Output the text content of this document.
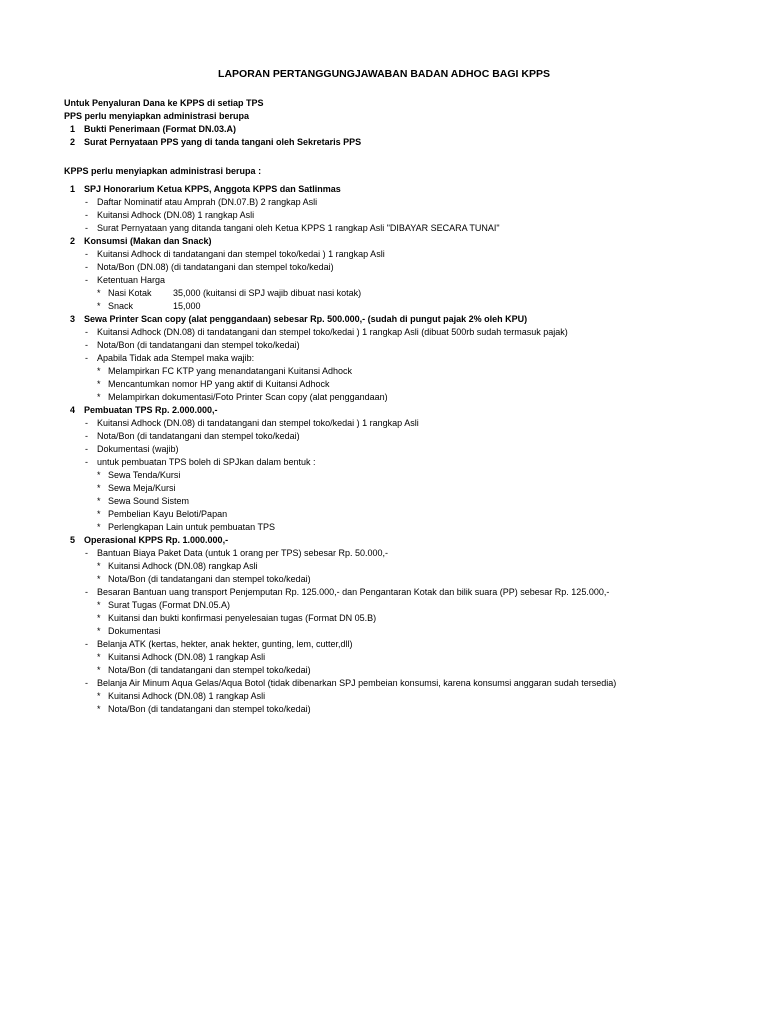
LAPORAN PERTANGGUNGJAWABAN BADAN ADHOC BAGI KPPS
Untuk Penyaluran Dana ke KPPS di setiap TPS
PPS perlu menyiapkan administrasi berupa
1 Bukti Penerimaan (Format DN.03.A)
2 Surat Pernyataan PPS yang di tanda tangani oleh Sekretaris PPS
KPPS perlu menyiapkan administrasi berupa :
1 SPJ Honorarium Ketua KPPS, Anggota KPPS dan Satlinmas
- Daftar Nominatif atau Amprah (DN.07.B) 2 rangkap Asli
- Kuitansi Adhock (DN.08) 1 rangkap Asli
- Surat Pernyataan yang ditanda tangani oleh Ketua KPPS 1 rangkap Asli "DIBAYAR SECARA TUNAI"
2 Konsumsi (Makan dan Snack)
- Kuitansi Adhock di tandatangani dan stempel toko/kedai ) 1 rangkap Asli
- Nota/Bon (DN.08) (di tandatangani dan stempel toko/kedai)
- Ketentuan Harga
* Nasi Kotak 35,000 (kuitansi di SPJ wajib dibuat nasi kotak)
* Snack	15,000
3 Sewa Printer Scan copy (alat penggandaan) sebesar Rp. 500.000,- (sudah di pungut pajak 2% oleh KPU)
- Kuitansi Adhock (DN.08) di tandatangani dan stempel toko/kedai ) 1 rangkap Asli (dibuat 500rb sudah termasuk pajak)
- Nota/Bon (di tandatangani dan stempel toko/kedai)
- Apabila Tidak ada Stempel maka wajib:
* Melampirkan FC KTP yang menandatangani Kuitansi Adhock
* Mencantumkan nomor HP yang aktif di Kuitansi Adhock
* Melampirkan dokumentasi/Foto Printer Scan copy (alat penggandaan)
4 Pembuatan TPS Rp. 2.000.000,-
- Kuitansi Adhock (DN.08) di tandatangani dan stempel toko/kedai ) 1 rangkap Asli
- Nota/Bon (di tandatangani dan stempel toko/kedai)
- Dokumentasi (wajib)
- untuk pembuatan TPS boleh di SPJkan dalam bentuk :
* Sewa Tenda/Kursi
* Sewa Meja/Kursi
* Sewa Sound Sistem
* Pembelian Kayu Beloti/Papan
* Perlengkapan Lain untuk pembuatan TPS
5 Operasional KPPS Rp. 1.000.000,-
- Bantuan Biaya Paket Data (untuk 1 orang per TPS) sebesar Rp. 50.000,-
* Kuitansi Adhock (DN.08) rangkap Asli
* Nota/Bon (di tandatangani dan stempel toko/kedai)
- Besaran Bantuan uang transport Penjemputan Rp. 125.000,- dan Pengantaran Kotak dan bilik suara (PP) sebesar Rp. 125.000,-
* Surat Tugas (Format DN.05.A)
* Kuitansi dan bukti konfirmasi penyelesaian tugas (Format DN 05.B)
* Dokumentasi
- Belanja ATK (kertas, hekter, anak hekter, gunting, lem, cutter,dll)
* Kuitansi Adhock (DN.08) 1 rangkap Asli
* Nota/Bon (di tandatangani dan stempel toko/kedai)
- Belanja Air Minum Aqua Gelas/Aqua Botol (tidak dibenarkan SPJ pembeian konsumsi, karena konsumsi anggaran sudah tersedia)
* Kuitansi Adhock (DN.08) 1 rangkap Asli
* Nota/Bon (di tandatangani dan stempel toko/kedai)
